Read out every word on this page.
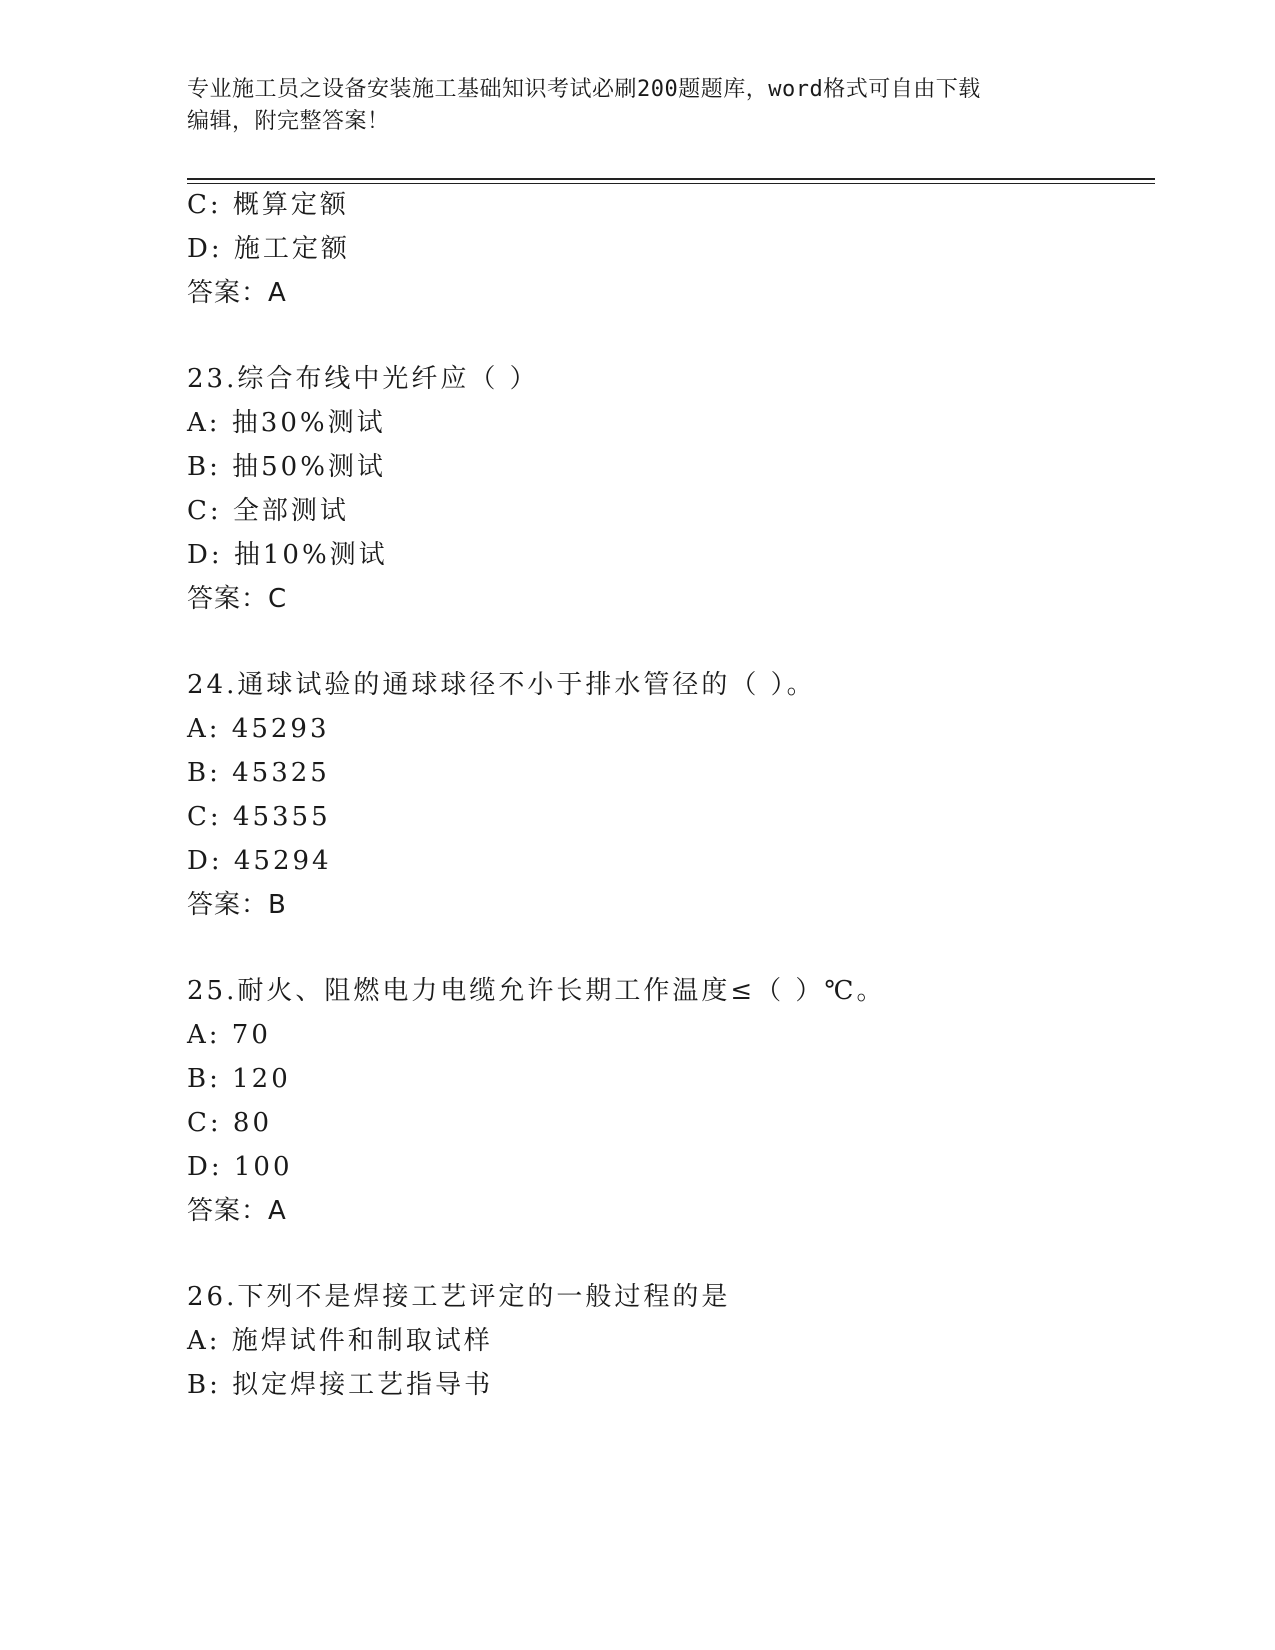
专业施工员之设备安装施工基础知识考试必刷200题题库，word格式可自由下载
编辑，附完整答案！
C: 概算定额
D: 施工定额
答案：A
23.综合布线中光纤应（ ）
A: 抽30%测试
B: 抽50%测试
C: 全部测试
D: 抽10%测试
答案：C
24.通球试验的通球球径不小于排水管径的（ ）。
A: 45293
B: 45325
C: 45355
D: 45294
答案：B
25.耐火、阻燃电力电缆允许长期工作温度≤（ ）℃。
A: 70
B: 120
C: 80
D: 100
答案：A
26.下列不是焊接工艺评定的一般过程的是
A: 施焊试件和制取试样
B: 拟定焊接工艺指导书
